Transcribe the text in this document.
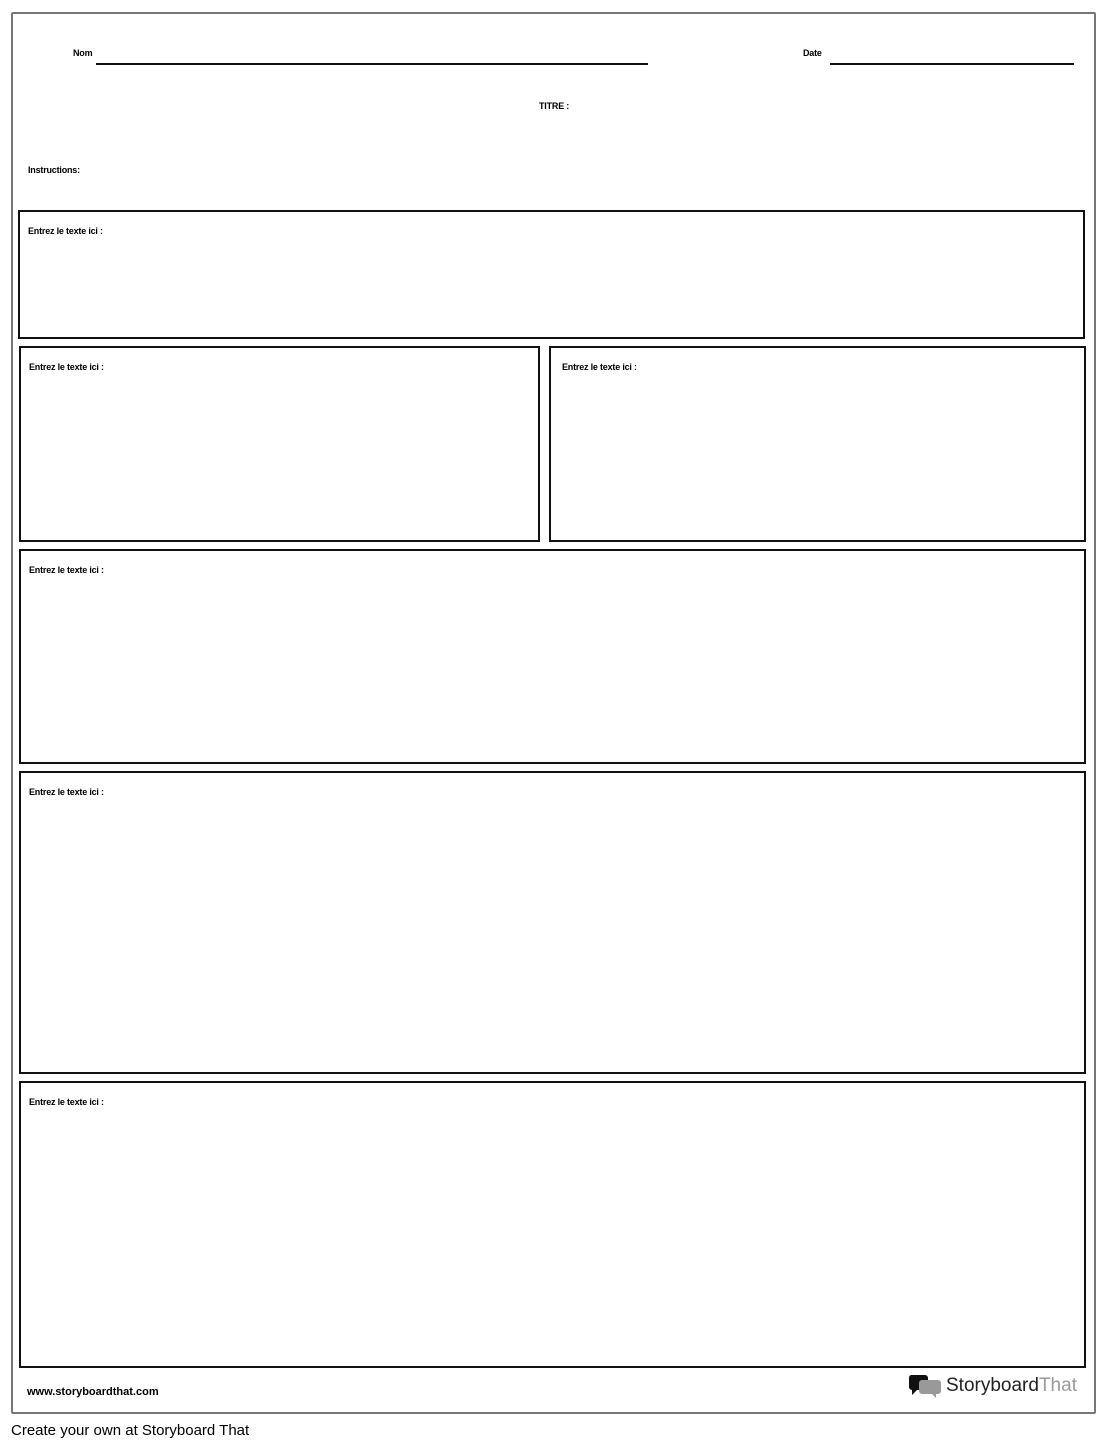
Nom	Date
TITRE :
Instructions:
Entrez le texte ici :
Entrez le texte ici :	Entrez le texte ici :
Entrez le texte ici :
Entrez le texte ici :
Entrez le texte ici :
www.storyboardthat.com	StoryboardThat
Create your own at Storyboard That
